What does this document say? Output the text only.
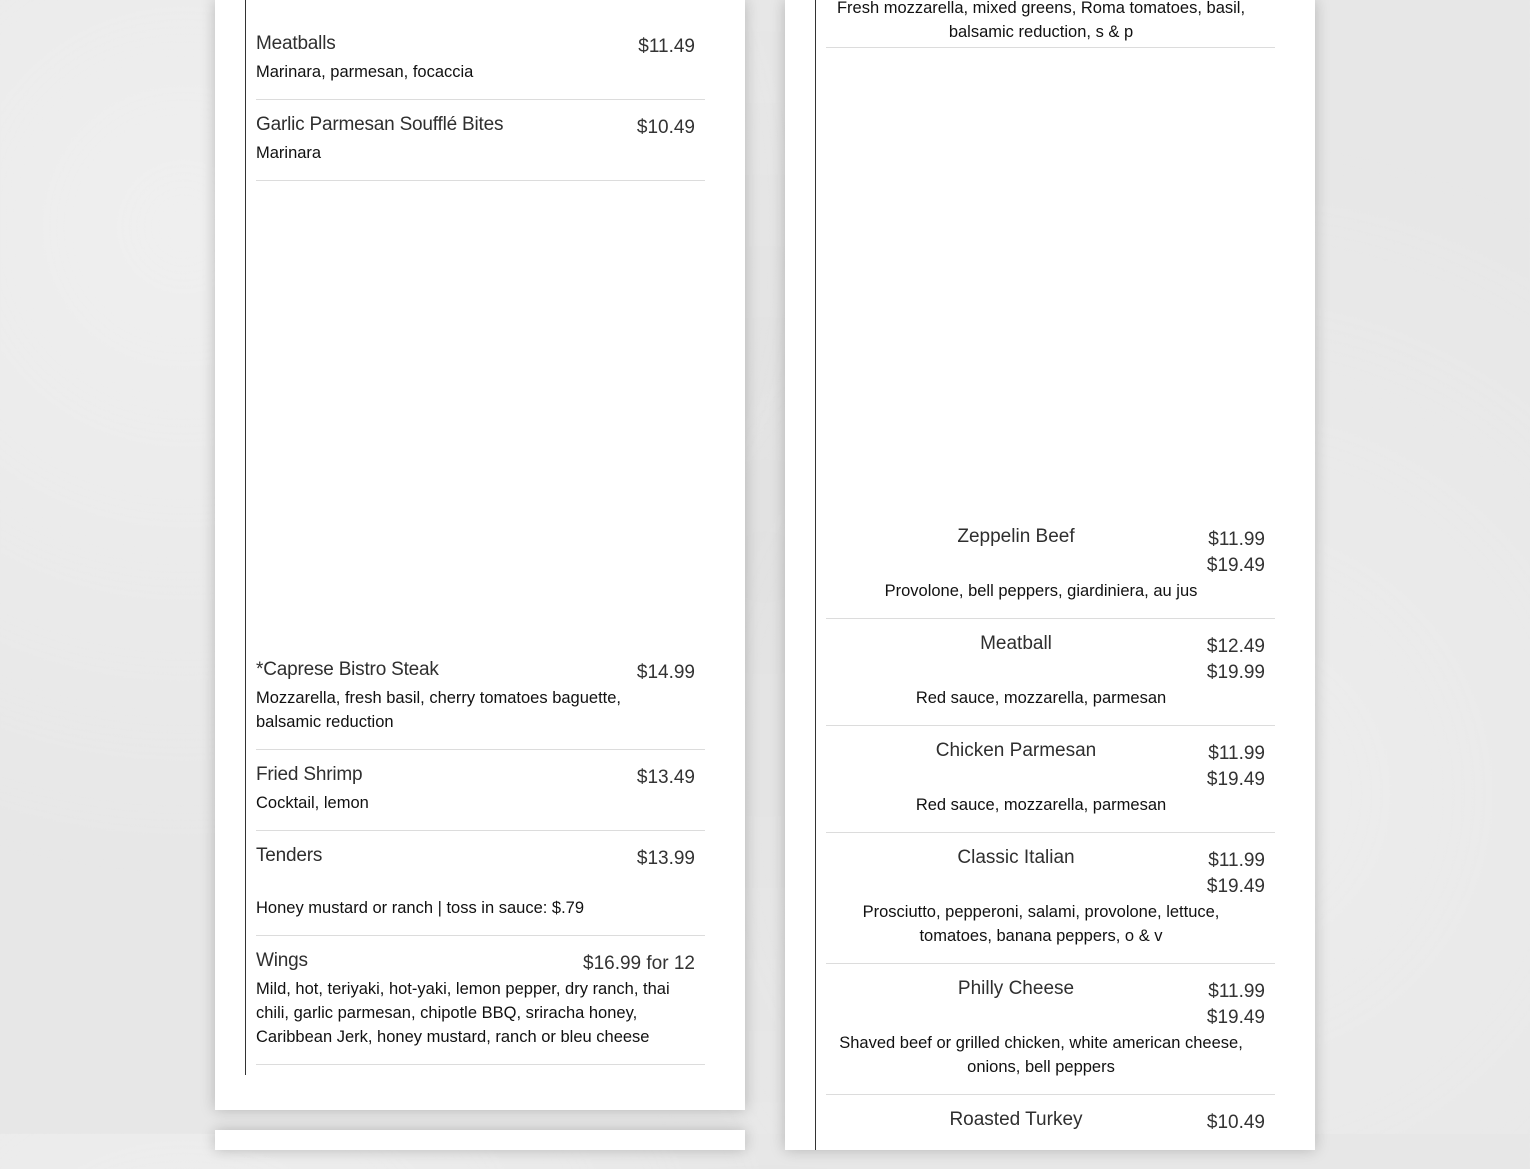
Meatballs	$11.49
Marinara, parmesan, focaccia
Garlic Parmesan Soufflé Bites	$10.49
Marinara
*Caprese Bistro Steak	$14.99
Mozzarella, fresh basil, cherry tomatoes baguette, balsamic reduction
Fried Shrimp	$13.49
Cocktail, lemon
Tenders	$13.99
Honey mustard or ranch | toss in sauce: $.79
Wings	$16.99 for 12
Mild, hot, teriyaki, hot-yaki, lemon pepper, dry ranch, thai chili, garlic parmesan, chipotle BBQ, sriracha honey, Caribbean Jerk, honey mustard, ranch or bleu cheese
Fresh mozzarella, mixed greens, Roma tomatoes, basil, balsamic reduction, s & p
Zeppelin Beef	$11.99
$19.49
Provolone, bell peppers, giardiniera, au jus
Meatball	$12.49
$19.99
Red sauce, mozzarella, parmesan
Chicken Parmesan	$11.99
$19.49
Red sauce, mozzarella, parmesan
Classic Italian	$11.99
$19.49
Prosciutto, pepperoni, salami, provolone, lettuce, tomatoes, banana peppers, o & v
Philly Cheese	$11.99
$19.49
Shaved beef or grilled chicken, white american cheese, onions, bell peppers
Roasted Turkey	$10.49
